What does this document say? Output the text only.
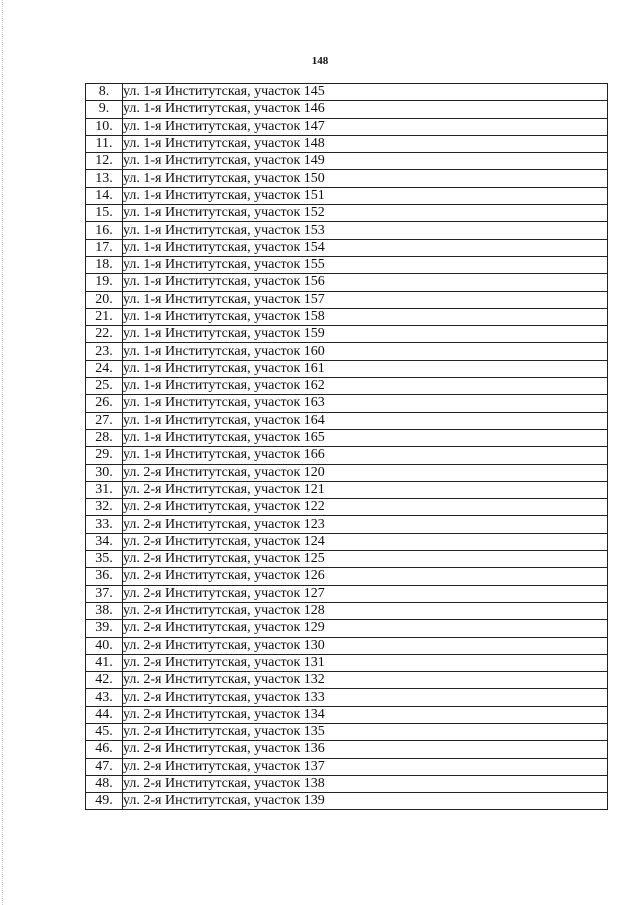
148
8.	ул. 1-я Институтская, участок 145
9.	ул. 1-я Институтская, участок 146
10.	ул. 1-я Институтская, участок 147
11.	ул. 1-я Институтская, участок 148
12.	ул. 1-я Институтская, участок 149
13.	ул. 1-я Институтская, участок 150
14.	ул. 1-я Институтская, участок 151
15.	ул. 1-я Институтская, участок 152
16.	ул. 1-я Институтская, участок 153
17.	ул. 1-я Институтская, участок 154
18.	ул. 1-я Институтская, участок 155
19.	ул. 1-я Институтская, участок 156
20.	ул. 1-я Институтская, участок 157
21.	ул. 1-я Институтская, участок 158
22.	ул. 1-я Институтская, участок 159
23.	ул. 1-я Институтская, участок 160
24.	ул. 1-я Институтская, участок 161
25.	ул. 1-я Институтская, участок 162
26.	ул. 1-я Институтская, участок 163
27.	ул. 1-я Институтская, участок 164
28.	ул. 1-я Институтская, участок 165
29.	ул. 1-я Институтская, участок 166
30.	ул. 2-я Институтская, участок 120
31.	ул. 2-я Институтская, участок 121
32.	ул. 2-я Институтская, участок 122
33.	ул. 2-я Институтская, участок 123
34.	ул. 2-я Институтская, участок 124
35.	ул. 2-я Институтская, участок 125
36.	ул. 2-я Институтская, участок 126
37.	ул. 2-я Институтская, участок 127
38.	ул. 2-я Институтская, участок 128
39.	ул. 2-я Институтская, участок 129
40.	ул. 2-я Институтская, участок 130
41.	ул. 2-я Институтская, участок 131
42.	ул. 2-я Институтская, участок 132
43.	ул. 2-я Институтская, участок 133
44.	ул. 2-я Институтская, участок 134
45.	ул. 2-я Институтская, участок 135
46.	ул. 2-я Институтская, участок 136
47.	ул. 2-я Институтская, участок 137
48.	ул. 2-я Институтская, участок 138
49.	ул. 2-я Институтская, участок 139
